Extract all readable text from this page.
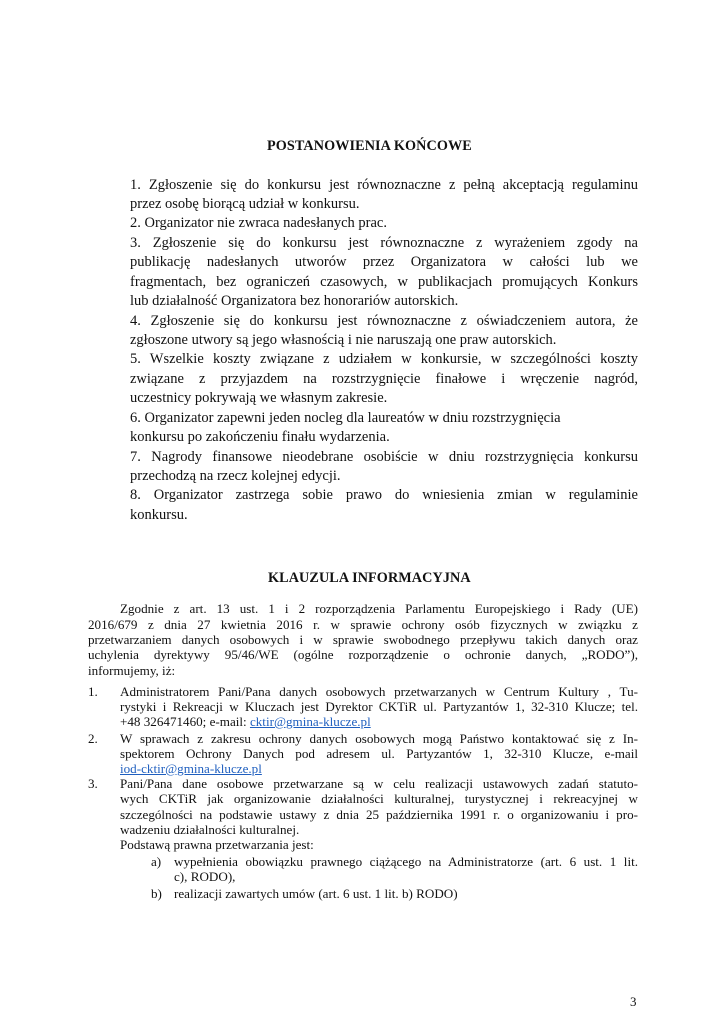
POSTANOWIENIA KOŃCOWE
1. Zgłoszenie się do konkursu jest równoznaczne z pełną akceptacją regulaminu
przez osobę biorącą udział w konkursu.
2. Organizator nie zwraca nadesłanych prac.
3. Zgłoszenie się do konkursu jest równoznaczne z wyrażeniem zgody na
publikację nadesłanych utworów przez Organizatora w całości lub we
fragmentach, bez ograniczeń czasowych, w publikacjach promujących Konkurs
lub działalność Organizatora bez honorariów autorskich.
4. Zgłoszenie się do konkursu jest równoznaczne z oświadczeniem autora, że
zgłoszone utwory są jego własnością i nie naruszają one praw autorskich.
5. Wszelkie koszty związane z udziałem w konkursie, w szczególności koszty
związane z przyjazdem na rozstrzygnięcie finałowe i wręczenie nagród,
uczestnicy pokrywają we własnym zakresie.
6. Organizator zapewni jeden nocleg dla laureatów w dniu rozstrzygnięcia
konkursu po zakończeniu finału wydarzenia.
7. Nagrody finansowe nieodebrane osobiście w dniu rozstrzygnięcia konkursu
przechodzą na rzecz kolejnej edycji.
8. Organizator zastrzega sobie prawo do wniesienia zmian w regulaminie
konkursu.
KLAUZULA INFORMACYJNA
Zgodnie z art. 13 ust. 1 i 2 rozporządzenia Parlamentu Europejskiego i Rady (UE)
2016/679 z dnia 27 kwietnia 2016 r. w sprawie ochrony osób fizycznych w związku z
przetwarzaniem danych osobowych i w sprawie swobodnego przepływu takich danych oraz
uchylenia dyrektywy 95/46/WE (ogólne rozporządzenie o ochronie danych, „RODO”),
informujemy, iż:
1. Administratorem Pani/Pana danych osobowych przetwarzanych w Centrum Kultury , Tu-
rystyki i Rekreacji w Kluczach jest Dyrektor CKTiR ul. Partyzantów 1, 32-310 Klucze; tel.
+48 326471460; e-mail: cktir@gmina-klucze.pl
2. W sprawach z zakresu ochrony danych osobowych mogą Państwo kontaktować się z In-
spektorem Ochrony Danych pod adresem ul. Partyzantów 1, 32-310 Klucze, e-mail
iod-cktir@gmina-klucze.pl
3. Pani/Pana dane osobowe przetwarzane są w celu realizacji ustawowych zadań statuto-
wych CKTiR jak organizowanie działalności kulturalnej, turystycznej i rekreacyjnej w
szczególności na podstawie ustawy z dnia 25 października 1991 r. o organizowaniu i pro-
wadzeniu działalności kulturalnej.
Podstawą prawna przetwarzania jest:
a) wypełnienia obowiązku prawnego ciążącego na Administratorze (art. 6 ust. 1 lit.
c), RODO),
b) realizacji zawartych umów (art. 6 ust. 1 lit. b) RODO)
3
